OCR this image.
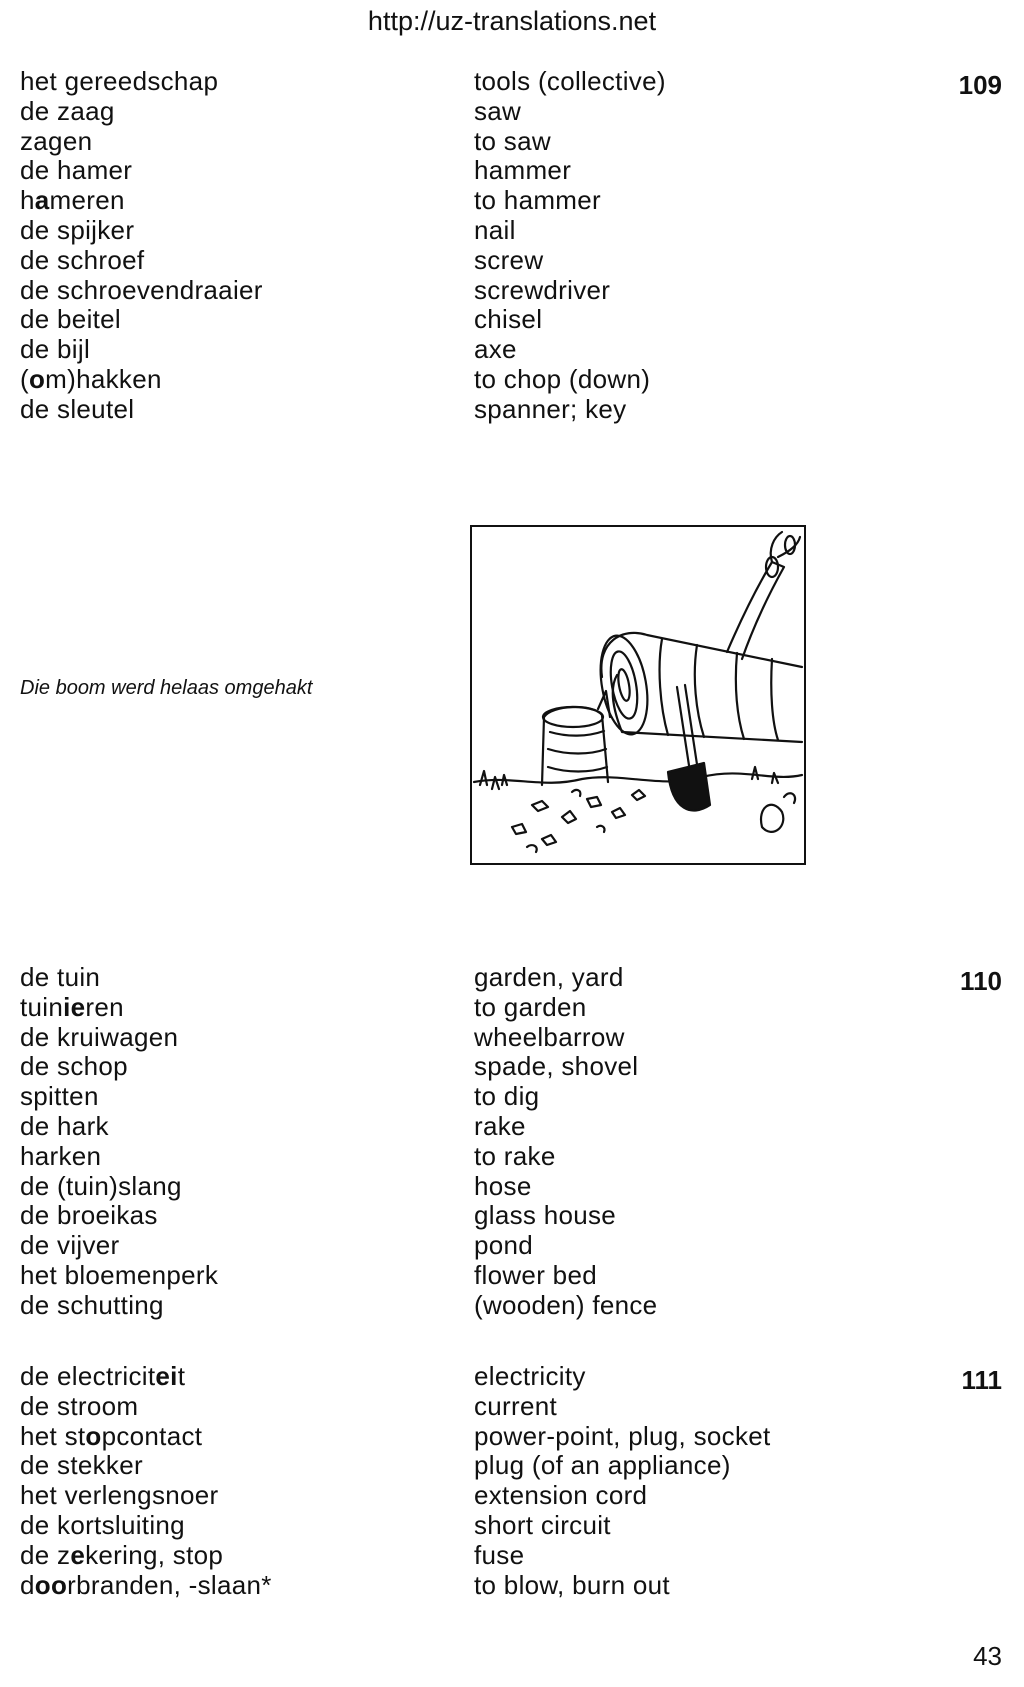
http://uz-translations.net
109
het gereedschap	tools (collective)
de zaag	saw
zagen	to saw
de hamer	hammer
hameren	to hammer
de spijker	nail
de schroef	screw
de schroevendraaier	screwdriver
de beitel	chisel
de bijl	axe
(om)hakken	to chop (down)
de sleutel	spanner; key
Die boom werd helaas omgehakt
110
de tuin	garden, yard
tuinieren	to garden
de kruiwagen	wheelbarrow
de schop	spade, shovel
spitten	to dig
de hark	rake
harken	to rake
de (tuin)slang	hose
de broeikas	glass house
de vijver	pond
het bloemenperk	flower bed
de schutting	(wooden) fence
111
de electriciteit	electricity
de stroom	current
het stopcontact	power-point, plug, socket
de stekker	plug (of an appliance)
het verlengsnoer	extension cord
de kortsluiting	short circuit
de zekering, stop	fuse
doorbranden, -slaan*	to blow, burn out
43
